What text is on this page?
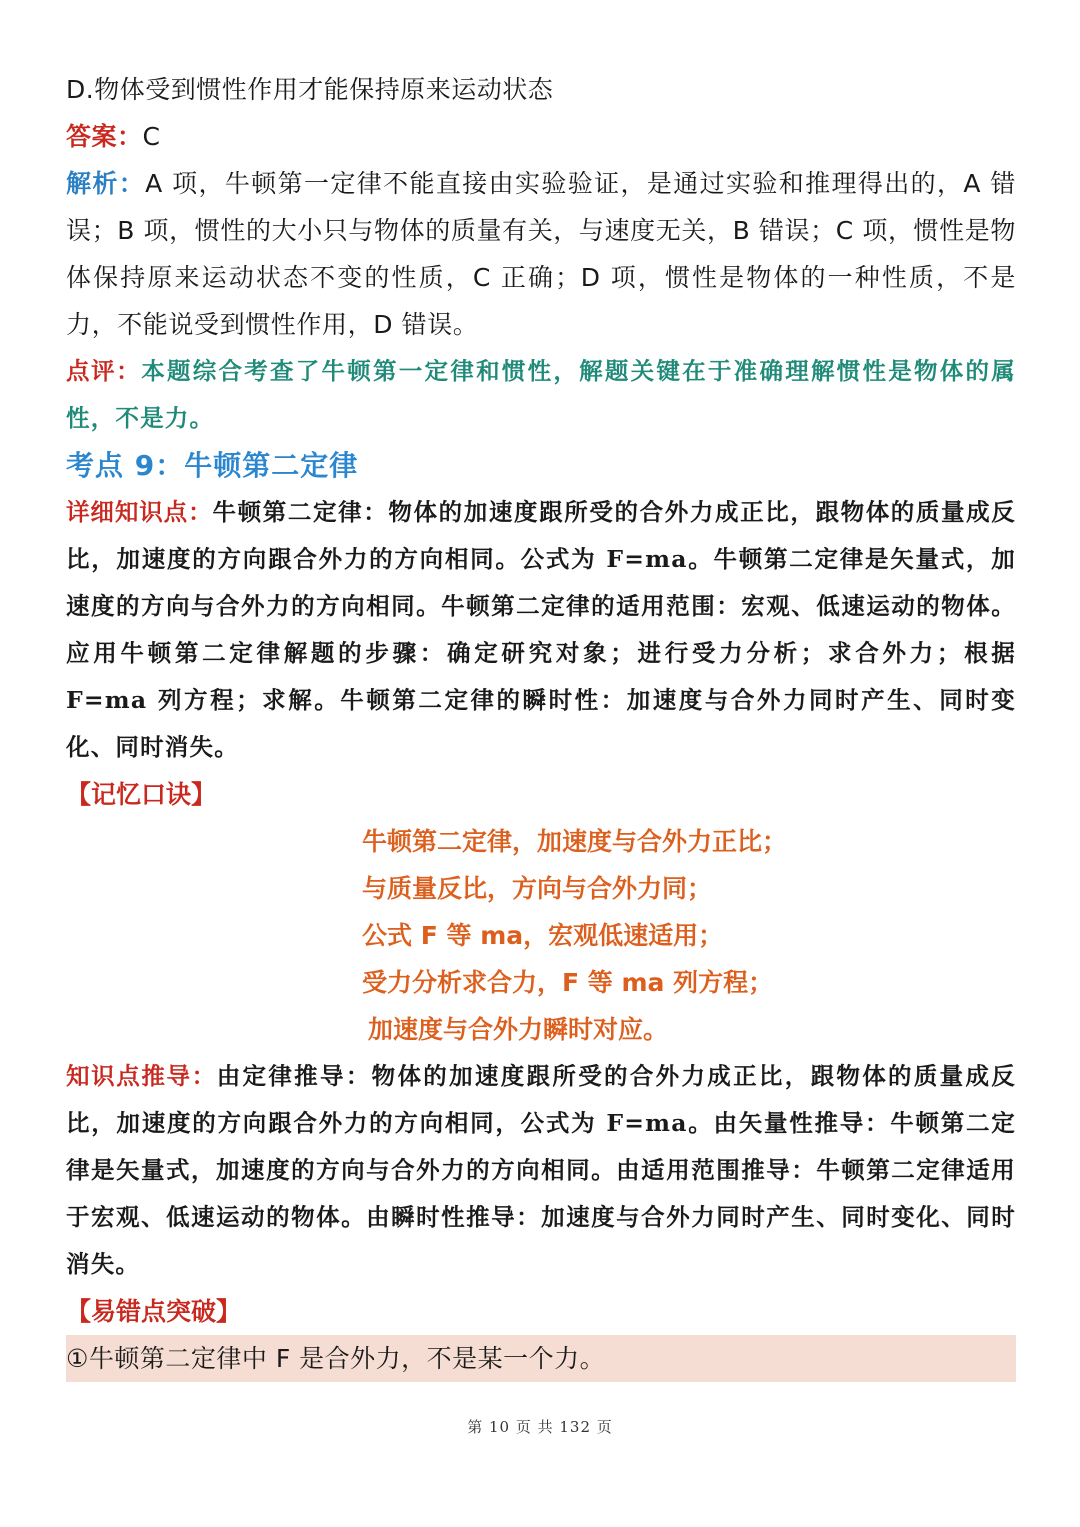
D.物体受到惯性作用才能保持原来运动状态
答案：C
解析：A 项，牛顿第一定律不能直接由实验验证，是通过实验和推理得出的，A 错误；B 项，惯性的大小只与物体的质量有关，与速度无关，B 错误；C 项，惯性是物体保持原来运动状态不变的性质，C 正确；D 项，惯性是物体的一种性质，不是力，不能说受到惯性作用，D 错误。
点评：本题综合考查了牛顿第一定律和惯性，解题关键在于准确理解惯性是物体的属性，不是力。
考点 9：牛顿第二定律
详细知识点：牛顿第二定律：物体的加速度跟所受的合外力成正比，跟物体的质量成反比，加速度的方向跟合外力的方向相同。公式为 F=ma。牛顿第二定律是矢量式，加速度的方向与合外力的方向相同。牛顿第二定律的适用范围：宏观、低速运动的物体。应用牛顿第二定律解题的步骤：确定研究对象；进行受力分析；求合外力；根据 F=ma 列方程；求解。牛顿第二定律的瞬时性：加速度与合外力同时产生、同时变化、同时消失。
【记忆口诀】
牛顿第二定律，加速度与合外力正比；
与质量反比，方向与合外力同；
公式 F 等 ma，宏观低速适用；
受力分析求合力，F 等 ma 列方程；
加速度与合外力瞬时对应。
知识点推导：由定律推导：物体的加速度跟所受的合外力成正比，跟物体的质量成反比，加速度的方向跟合外力的方向相同，公式为 F=ma。由矢量性推导：牛顿第二定律是矢量式，加速度的方向与合外力的方向相同。由适用范围推导：牛顿第二定律适用于宏观、低速运动的物体。由瞬时性推导：加速度与合外力同时产生、同时变化、同时消失。
【易错点突破】
①牛顿第二定律中 F 是合外力，不是某一个力。
第 10 页 共 132 页
